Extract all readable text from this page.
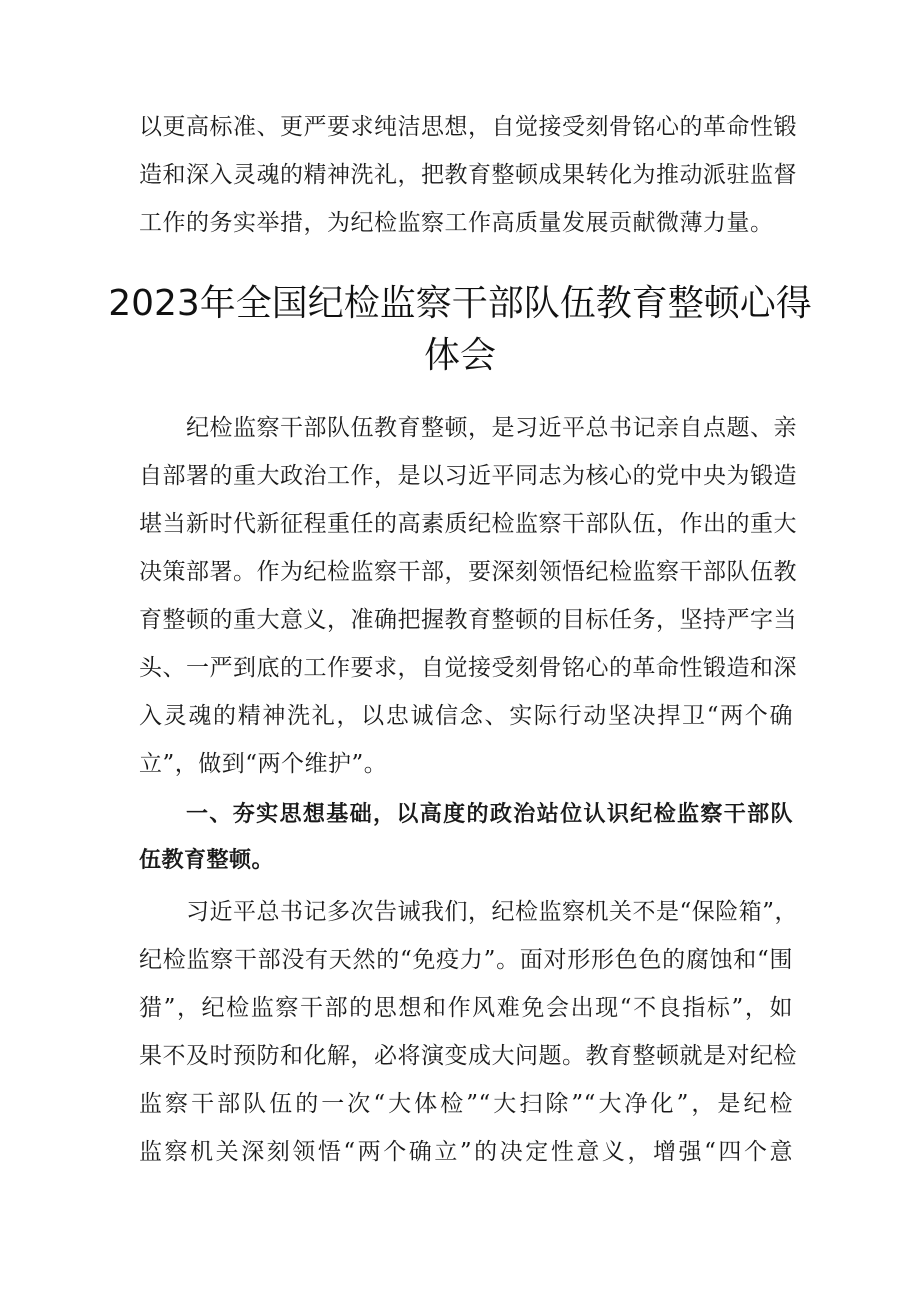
以更高标准、更严要求纯洁思想，自觉接受刻骨铭心的革命性锻
造和深入灵魂的精神洗礼，把教育整顿成果转化为推动派驻监督
工作的务实举措，为纪检监察工作高质量发展贡献微薄力量。
2023年全国纪检监察干部队伍教育整顿心得
体会
纪检监察干部队伍教育整顿，是习近平总书记亲自点题、亲
自部署的重大政治工作，是以习近平同志为核心的党中央为锻造
堪当新时代新征程重任的高素质纪检监察干部队伍，作出的重大
决策部署。作为纪检监察干部，要深刻领悟纪检监察干部队伍教
育整顿的重大意义，准确把握教育整顿的目标任务，坚持严字当
头、一严到底的工作要求，自觉接受刻骨铭心的革命性锻造和深
入灵魂的精神洗礼，以忠诚信念、实际行动坚决捍卫“两个确
立”，做到“两个维护”。
一、夯实思想基础，以高度的政治站位认识纪检监察干部队
伍教育整顿。
习近平总书记多次告诫我们，纪检监察机关不是“保险箱”，
纪检监察干部没有天然的“免疫力”。面对形形色色的腐蚀和“围
猎”，纪检监察干部的思想和作风难免会出现“不良指标”，如
果不及时预防和化解，必将演变成大问题。教育整顿就是对纪检
监察干部队伍的一次“大体检”“大扫除”“大净化”，是纪检
监察机关深刻领悟“两个确立”的决定性意义，增强“四个意
